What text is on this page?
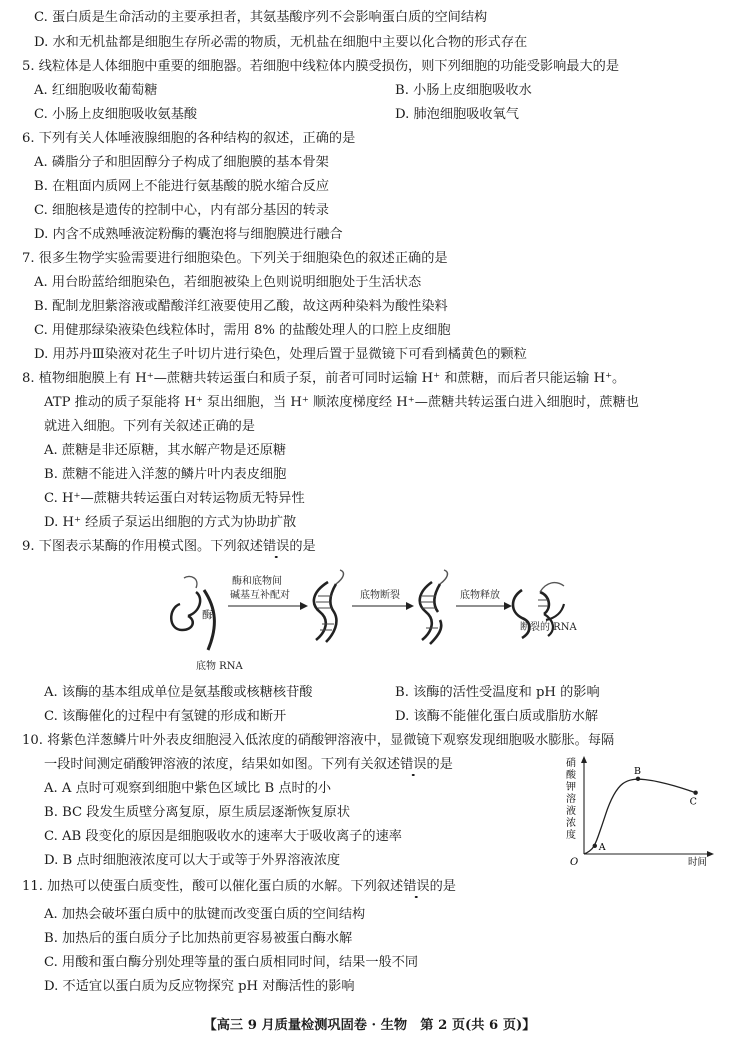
C. 蛋白质是生命活动的主要承担者，其氨基酸序列不会影响蛋白质的空间结构
D. 水和无机盐都是细胞生存所必需的物质，无机盐在细胞中主要以化合物的形式存在
5. 线粒体是人体细胞中重要的细胞器。若细胞中线粒体内膜受损伤，则下列细胞的功能受影响最大的是
A. 红细胞吸收葡萄糖	B. 小肠上皮细胞吸收水
C. 小肠上皮细胞吸收氨基酸	D. 肺泡细胞吸收氧气
6. 下列有关人体唾液腺细胞的各种结构的叙述，正确的是
A. 磷脂分子和胆固醇分子构成了细胞膜的基本骨架
B. 在粗面内质网上不能进行氨基酸的脱水缩合反应
C. 细胞核是遗传的控制中心，内有部分基因的转录
D. 内含不成熟唾液淀粉酶的囊泡将与细胞膜进行融合
7. 很多生物学实验需要进行细胞染色。下列关于细胞染色的叙述正确的是
A. 用台盼蓝给细胞染色，若细胞被染上色则说明细胞处于生活状态
B. 配制龙胆紫溶液或醋酸洋红液要使用乙酸，故这两种染料为酸性染料
C. 用健那绿染液染色线粒体时，需用 8% 的盐酸处理人的口腔上皮细胞
D. 用苏丹Ⅲ染液对花生子叶切片进行染色，处理后置于显微镜下可看到橘黄色的颗粒
8. 植物细胞膜上有 H⁺—蔗糖共转运蛋白和质子泵，前者可同时运输 H⁺ 和蔗糖，而后者只能运输 H⁺。
ATP 推动的质子泵能将 H⁺ 泵出细胞，当 H⁺ 顺浓度梯度经 H⁺—蔗糖共转运蛋白进入细胞时，蔗糖也
就进入细胞。下列有关叙述正确的是
A. 蔗糖是非还原糖，其水解产物是还原糖
B. 蔗糖不能进入洋葱的鳞片叶内表皮细胞
C. H⁺—蔗糖共转运蛋白对转运物质无特异性
D. H⁺ 经质子泵运出细胞的方式为协助扩散
9. 下图表示某酶的作用模式图。下列叙述错误的是
酶
底物 RNA
酶和底物间
碱基互补配对	底物断裂	底物释放
断裂的 RNA
A. 该酶的基本组成单位是氨基酸或核糖核苷酸	B. 该酶的活性受温度和 pH 的影响
C. 该酶催化的过程中有氢键的形成和断开	D. 该酶不能催化蛋白质或脂肪水解
10. 将紫色洋葱鳞片叶外表皮细胞浸入低浓度的硝酸钾溶液中，显微镜下观察发现细胞吸水膨胀。每隔
一段时间测定硝酸钾溶液的浓度，结果如如图。下列有关叙述错误的是
A. A 点时可观察到细胞中紫色区域比 B 点时的小
B. BC 段发生质壁分离复原，原生质层逐渐恢复原状
C. AB 段变化的原因是细胞吸收水的速率大于吸收离子的速率
D. B 点时细胞液浓度可以大于或等于外界溶液浓度
硝
酸
钾
溶
液
浓
度
O	时间
A
B
C
11. 加热可以使蛋白质变性，酸可以催化蛋白质的水解。下列叙述错误的是
A. 加热会破坏蛋白质中的肽键而改变蛋白质的空间结构
B. 加热后的蛋白质分子比加热前更容易被蛋白酶水解
C. 用酸和蛋白酶分别处理等量的蛋白质相同时间，结果一般不同
D. 不适宜以蛋白质为反应物探究 pH 对酶活性的影响
【高三 9 月质量检测巩固卷 · 生物　第 2 页(共 6 页)】
